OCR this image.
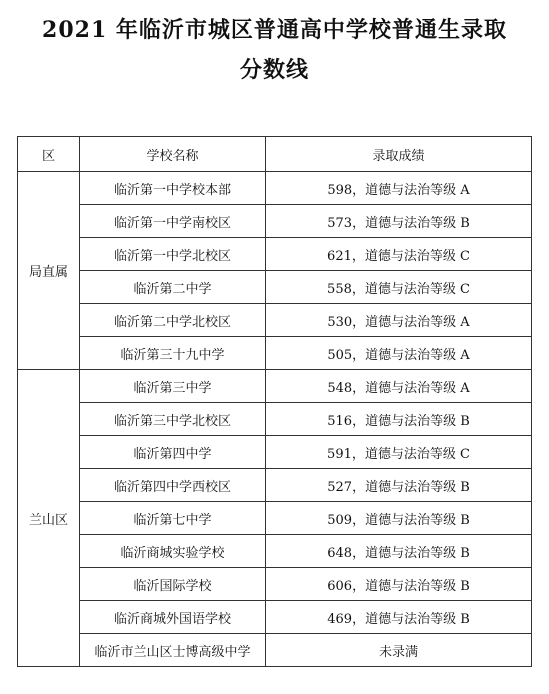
2021 年临沂市城区普通高中学校普通生录取
分数线
区	学校名称	录取成绩
局直属	临沂第一中学校本部	598，道德与法治等级 A
	临沂第一中学南校区	573，道德与法治等级 B
	临沂第一中学北校区	621，道德与法治等级 C
	临沂第二中学	558，道德与法治等级 C
	临沂第二中学北校区	530，道德与法治等级 A
	临沂第三十九中学	505，道德与法治等级 A
兰山区	临沂第三中学	548，道德与法治等级 A
	临沂第三中学北校区	516，道德与法治等级 B
	临沂第四中学	591，道德与法治等级 C
	临沂第四中学西校区	527，道德与法治等级 B
	临沂第七中学	509，道德与法治等级 B
	临沂商城实验学校	648，道德与法治等级 B
	临沂国际学校	606，道德与法治等级 B
	临沂商城外国语学校	469，道德与法治等级 B
	临沂市兰山区士博高级中学	未录满
